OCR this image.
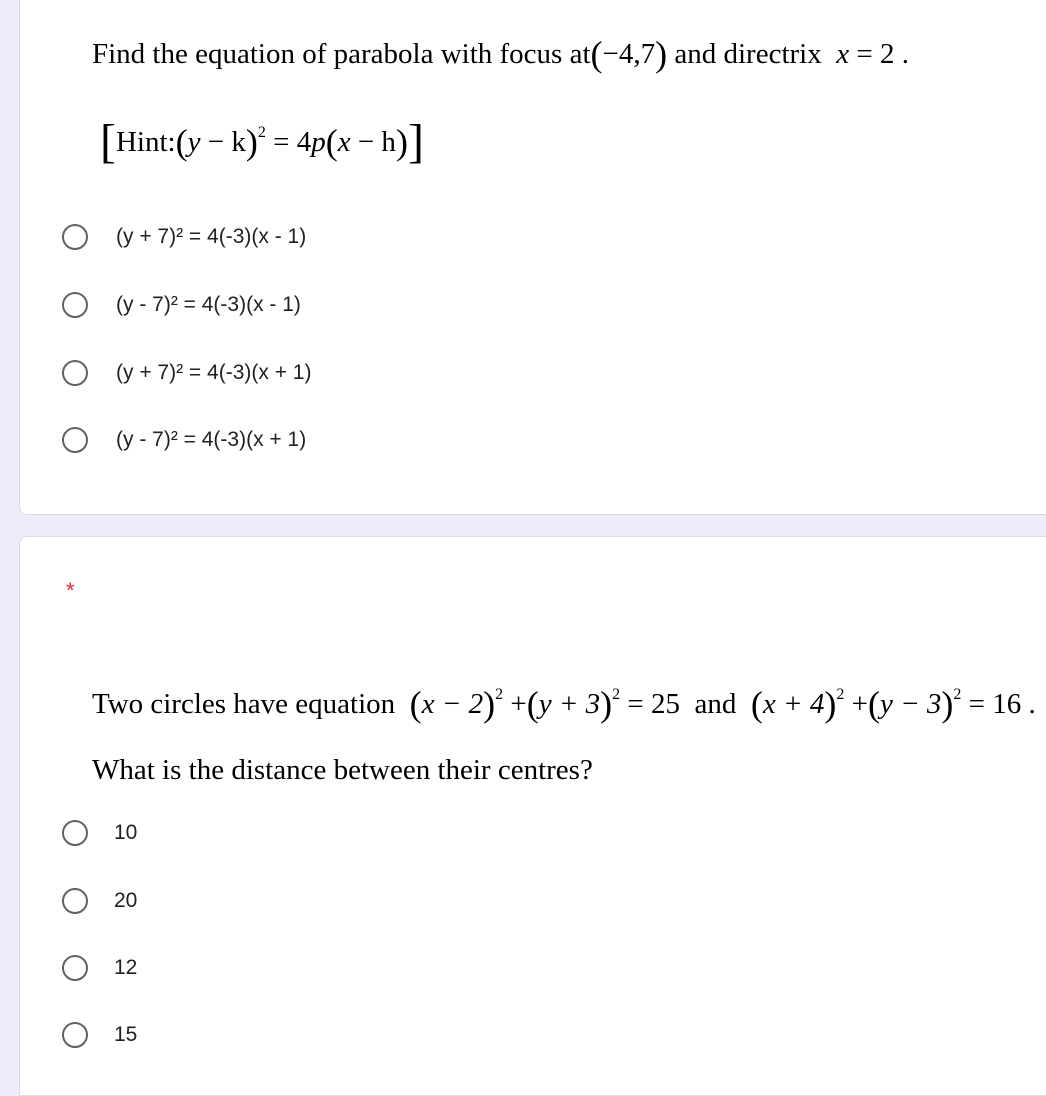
Find the equation of parabola with focus at(−4,7) and directrix x = 2 .
[Hint:(y − k)$^2$ = 4p(x − h)]
(y + 7)² = 4(-3)(x - 1)
(y - 7)² = 4(-3)(x - 1)
(y + 7)² = 4(-3)(x + 1)
(y - 7)² = 4(-3)(x + 1)
*
Two circles have equation $(x - 2)^2 +(y + 3)^2 = 25$ and $(x + 4)^2 +(y - 3)^2 = 16$ .
What is the distance between their centres?
10
20
12
15
